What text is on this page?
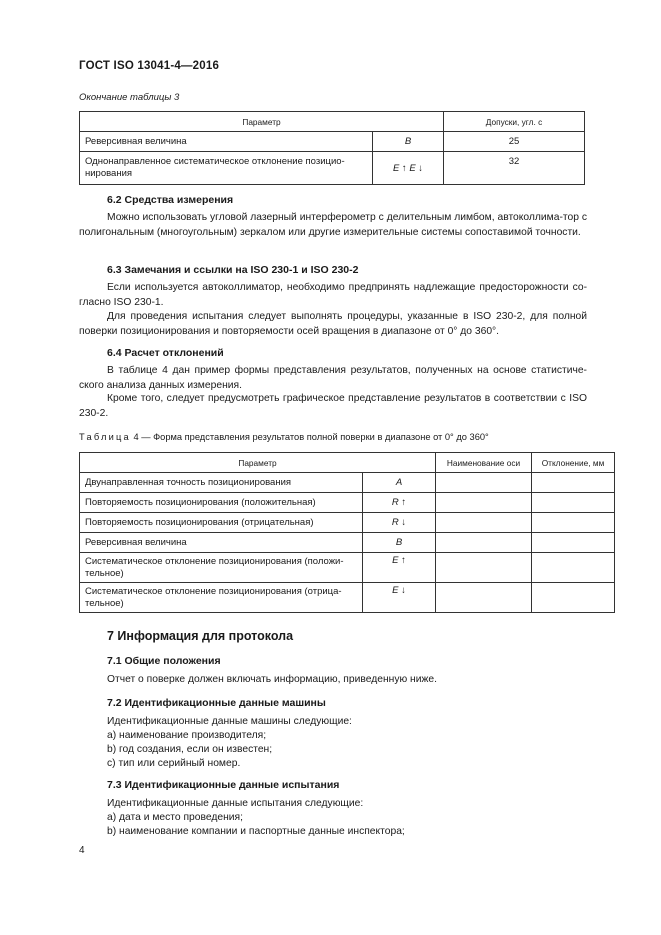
ГОСТ ISO 13041-4—2016
Окончание таблицы 3
Параметр		Допуски, угл. с
Реверсивная величина	B	25
Однонаправленное систематическое отклонение позицио-нирования	E ↑ E ↓	32
6.2 Средства измерения
Можно использовать угловой лазерный интерферометр с делительным лимбом, автоколлима-тор с полигональным (многоугольным) зеркалом или другие измерительные системы сопоставимой точности.
6.3 Замечания и ссылки на ISO 230-1 и ISO 230-2
Если используется автоколлиматор, необходимо предпринять надлежащие предосторожности со-гласно ISO 230-1.
Для проведения испытания следует выполнять процедуры, указанные в ISO 230-2, для полной поверки позиционирования и повторяемости осей вращения в диапазоне от 0° до 360°.
6.4 Расчет отклонений
В таблице 4 дан пример формы представления результатов, полученных на основе статистиче-ского анализа данных измерения.
Кроме того, следует предусмотреть графическое представление результатов в соответствии с ISO 230-2.
Таблица 4 — Форма представления результатов полной поверки в диапазоне от 0° до 360°
Параметр		Наименование оси	Отклонение, мм
Двунаправленная точность позиционирования	A		
Повторяемость позиционирования (положительная)	R ↑		
Повторяемость позиционирования (отрицательная)	R ↓		
Реверсивная величина	B		
Систематическое отклонение позиционирования (положи-тельное)	E ↑		
Систематическое отклонение позиционирования (отрица-тельное)	E ↓		
7 Информация для протокола
7.1 Общие положения
Отчет о поверке должен включать информацию, приведенную ниже.
7.2 Идентификационные данные машины
Идентификационные данные машины следующие:
a) наименование производителя;
b) год создания, если он известен;
c) тип или серийный номер.
7.3 Идентификационные данные испытания
Идентификационные данные испытания следующие:
a) дата и место проведения;
b) наименование компании и паспортные данные инспектора;
4
